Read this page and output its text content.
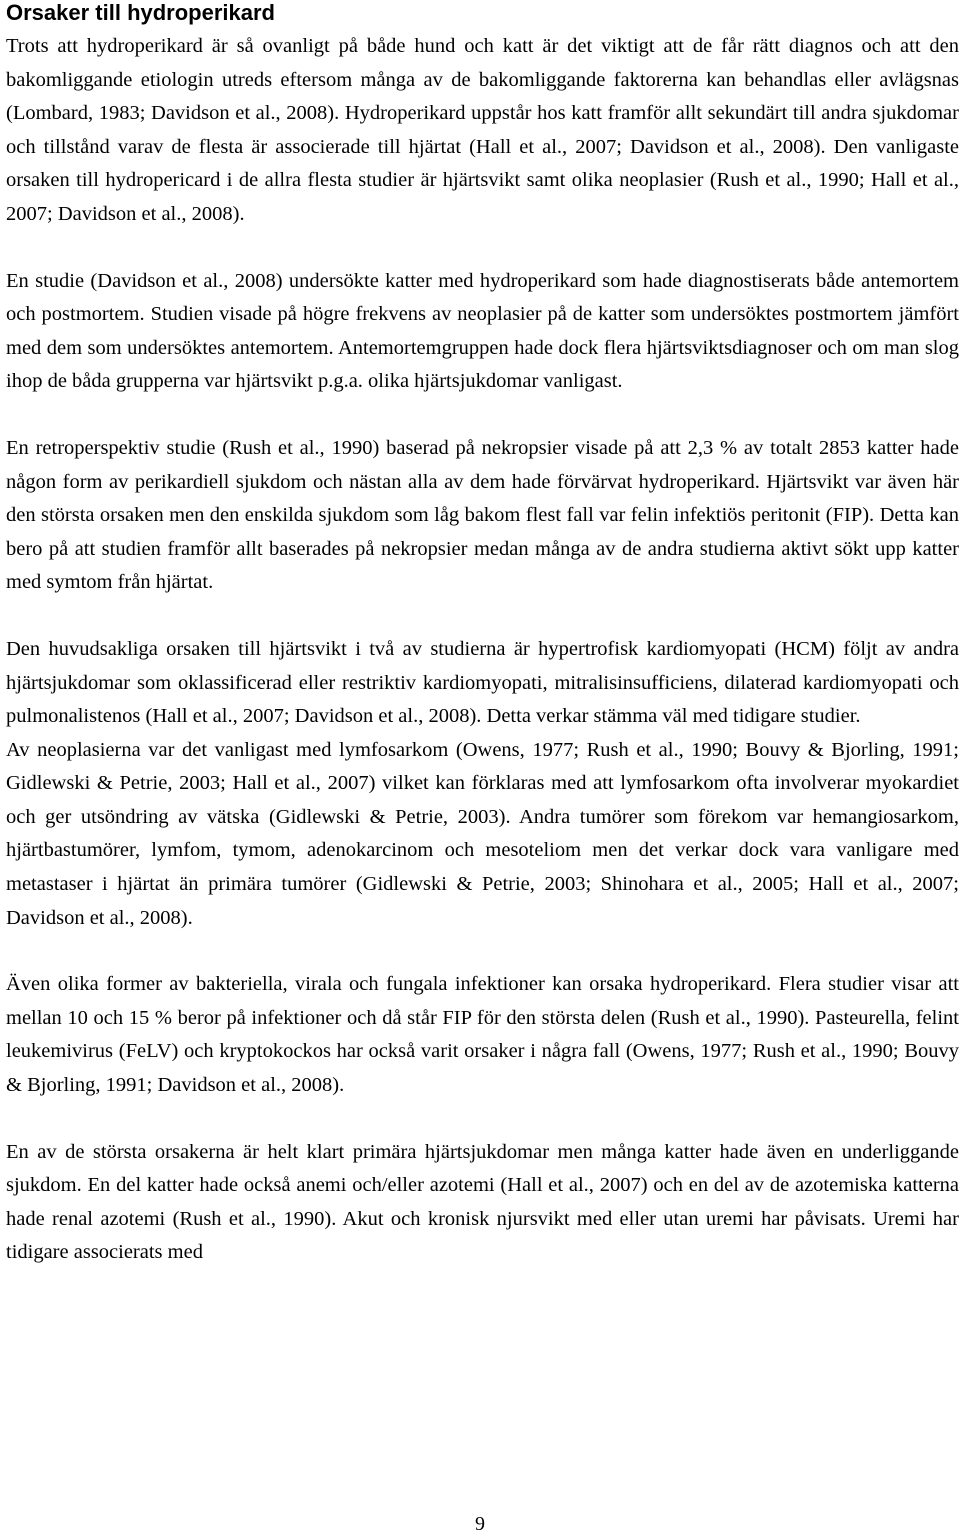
Orsaker till hydroperikard

Trots att hydroperikard är så ovanligt på både hund och katt är det viktigt att de får rätt diagnos och att den bakomliggande etiologin utreds eftersom många av de bakomliggande faktorerna kan behandlas eller avlägsnas (Lombard, 1983; Davidson et al., 2008). Hydroperikard uppstår hos katt framför allt sekundärt till andra sjukdomar och tillstånd varav de flesta är associerade till hjärtat (Hall et al., 2007; Davidson et al., 2008). Den vanligaste orsaken till hydropericard i de allra flesta studier är hjärtsvikt samt olika neoplasier (Rush et al., 1990; Hall et al., 2007; Davidson et al., 2008).

En studie (Davidson et al., 2008) undersökte katter med hydroperikard som hade diagnostiserats både antemortem och postmortem. Studien visade på högre frekvens av neoplasier på de katter som undersöktes postmortem jämfört med dem som undersöktes antemortem. Antemortemgruppen hade dock flera hjärtsviktsdiagnoser och om man slog ihop de båda grupperna var hjärtsvikt p.g.a. olika hjärtsjukdomar vanligast.

En retroperspektiv studie (Rush et al., 1990) baserad på nekropsier visade på att 2,3 % av totalt 2853 katter hade någon form av perikardiell sjukdom och nästan alla av dem hade förvärvat hydroperikard. Hjärtsvikt var även här den största orsaken men den enskilda sjukdom som låg bakom flest fall var felin infektiös peritonit (FIP). Detta kan bero på att studien framför allt baserades på nekropsier medan många av de andra studierna aktivt sökt upp katter med symtom från hjärtat.

Den huvudsakliga orsaken till hjärtsvikt i två av studierna är hypertrofisk kardiomyopati (HCM) följt av andra hjärtsjukdomar som oklassificerad eller restriktiv kardiomyopati, mitralisinsufficiens, dilaterad kardiomyopati och pulmonalistenos (Hall et al., 2007; Davidson et al., 2008). Detta verkar stämma väl med tidigare studier.

Av neoplasierna var det vanligast med lymfosarkom (Owens, 1977; Rush et al., 1990; Bouvy & Bjorling, 1991; Gidlewski & Petrie, 2003; Hall et al., 2007) vilket kan förklaras med att lymfosarkom ofta involverar myokardiet och ger utsöndring av vätska (Gidlewski & Petrie, 2003). Andra tumörer som förekom var hemangiosarkom, hjärtbastumörer, lymfom, tymom, adenokarcinom och mesoteliom men det verkar dock vara vanligare med metastaser i hjärtat än primära tumörer (Gidlewski & Petrie, 2003; Shinohara et al., 2005; Hall et al., 2007; Davidson et al., 2008).

Även olika former av bakteriella, virala och fungala infektioner kan orsaka hydroperikard. Flera studier visar att mellan 10 och 15 % beror på infektioner och då står FIP för den största delen (Rush et al., 1990). Pasteurella, felint leukemivirus (FeLV) och kryptokockos har också varit orsaker i några fall (Owens, 1977; Rush et al., 1990; Bouvy & Bjorling, 1991; Davidson et al., 2008).

En av de största orsakerna är helt klart primära hjärtsjukdomar men många katter hade även en underliggande sjukdom. En del katter hade också anemi och/eller azotemi (Hall et al., 2007) och en del av de azotemiska katterna hade renal azotemi (Rush et al., 1990). Akut och kronisk njursvikt med eller utan uremi har påvisats. Uremi har tidigare associerats med

9
